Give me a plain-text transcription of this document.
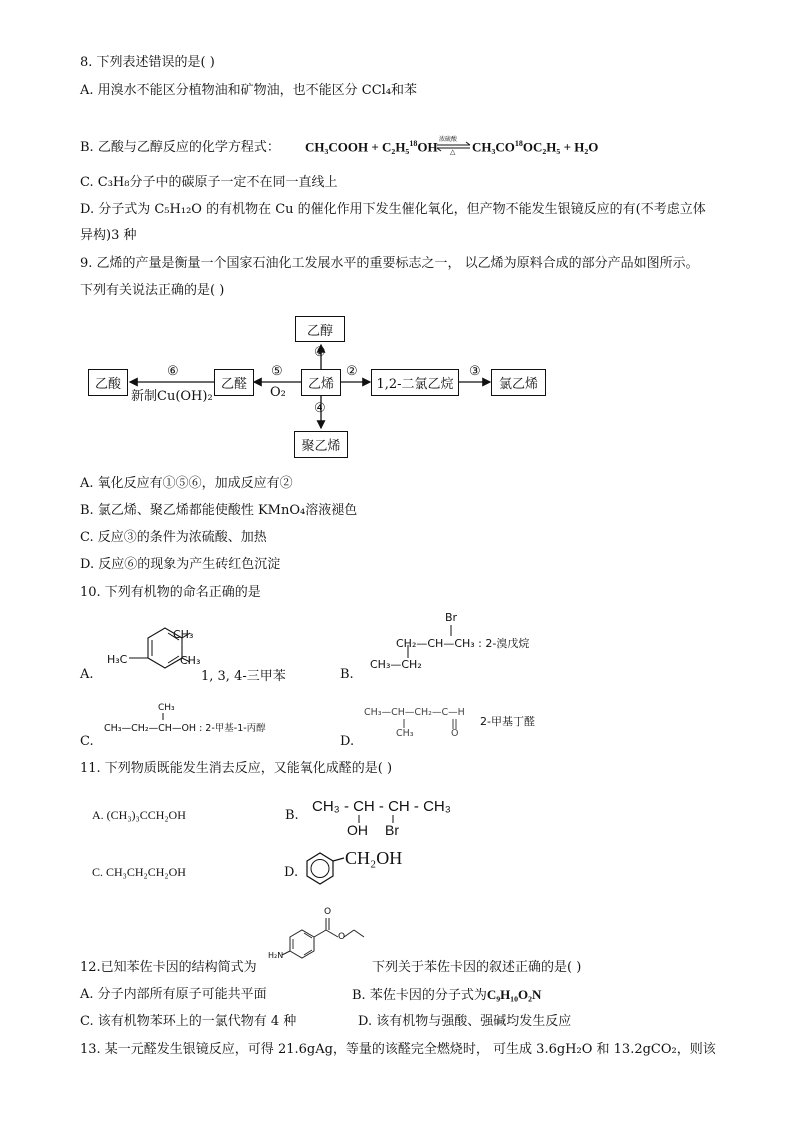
8. 下列表述错误的是( )
A. 用溴水不能区分植物油和矿物油，也不能区分 CCl₄和苯
B. 乙酸与乙醇反应的化学方程式： CH₃COOH + C₂H₅$^{18}$OH 浓硫酸
△ $CH_3CO^{18}OC_2H_5 + H_2O$
C. C₃H₈分子中的碳原子一定不在同一直线上
D. 分子式为 C₅H₁₂O 的有机物在 Cu 的催化作用下发生催化氧化，但产物不能发生银镜反应的有(不考虑立体
异构)3 种
9. 乙烯的产量是衡量一个国家石油化工发展水平的重要标志之一， 以乙烯为原料合成的部分产品如图所示。
下列有关说法正确的是( )
乙醇
乙烯
乙醛
乙酸	1,2-二氯乙烷	氯乙烯
聚乙烯
①
②	③
④
⑤
⑥
O₂
新制Cu(OH)₂
A. 氧化反应有①⑤⑥，加成反应有②
B. 氯乙烯、聚乙烯都能使酸性 KMnO₄溶液褪色
C. 反应③的条件为浓硫酸、加热
D. 反应⑥的现象为产生砖红色沉淀
10. 下列有机物的命名正确的是
A.
CH₃
CH₃
H₃C
1, 3, 4-三甲苯	B.
Br
CH₂—CH—CH₃ : 2-溴戊烷
CH₃—CH₂
C.
CH₃
CH₃—CH₂—CH—OH : 2-甲基-1-丙醇
D.
CH₃—CH—CH₂—C—H
CH₃	O
2-甲基丁醛
11. 下列物质既能发生消去反应，又能氧化成醛的是( )
A. (CH₃)₃CCH₂OH	B.
CH₃ - CH - CH - CH₃
OH Br
C. CH₃CH₂CH₂OH	D.
CH₂OH
O
O
H₂N
12.已知苯佐卡因的结构简式为	下列关于苯佐卡因的叙述正确的是( )
A. 分子内部所有原子可能共平面	B. 苯佐卡因的分子式为C₉H₁₀O₂N
C. 该有机物苯环上的一氯代物有 4 种	D. 该有机物与强酸、强碱均发生反应
13. 某一元醛发生银镜反应，可得 21.6gAg，等量的该醛完全燃烧时， 可生成 3.6gH₂O 和 13.2gCO₂，则该
